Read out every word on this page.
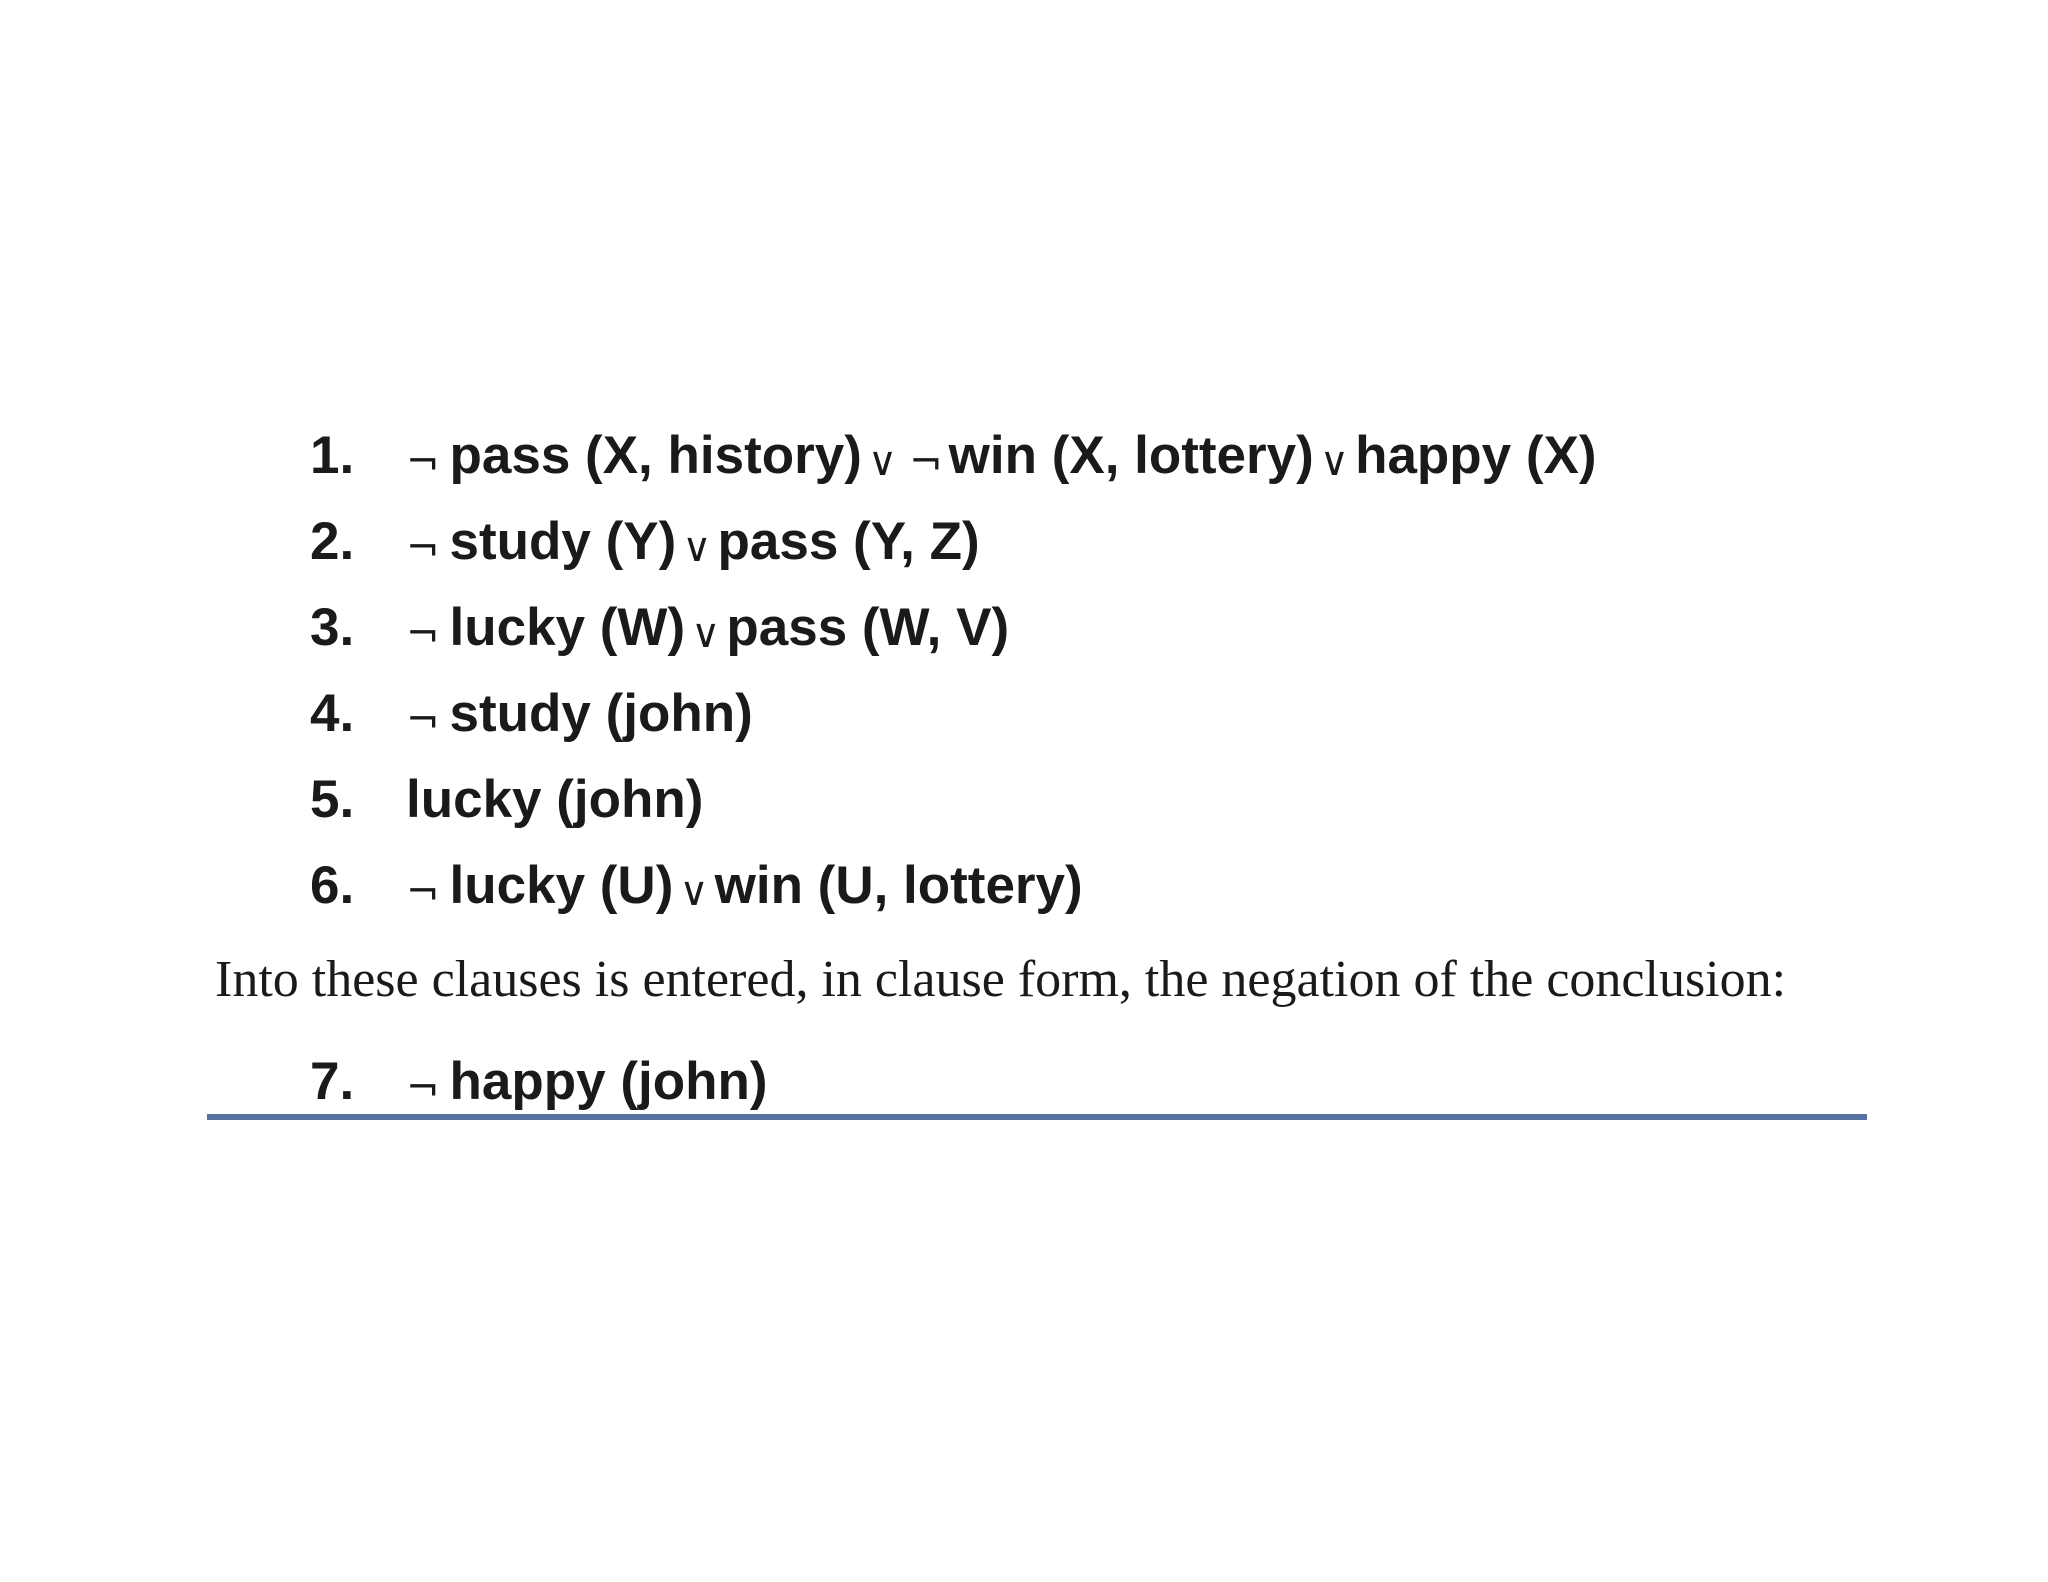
1. ¬ pass (X, history) ∨ ¬ win (X, lottery) ∨ happy (X)
2. ¬ study (Y) ∨ pass (Y, Z)
3. ¬ lucky (W) ∨ pass (W, V)
4. ¬ study (john)
5. lucky (john)
6. ¬ lucky (U) ∨ win (U, lottery)
Into these clauses is entered, in clause form, the negation of the conclusion:
7. ¬ happy (john)
